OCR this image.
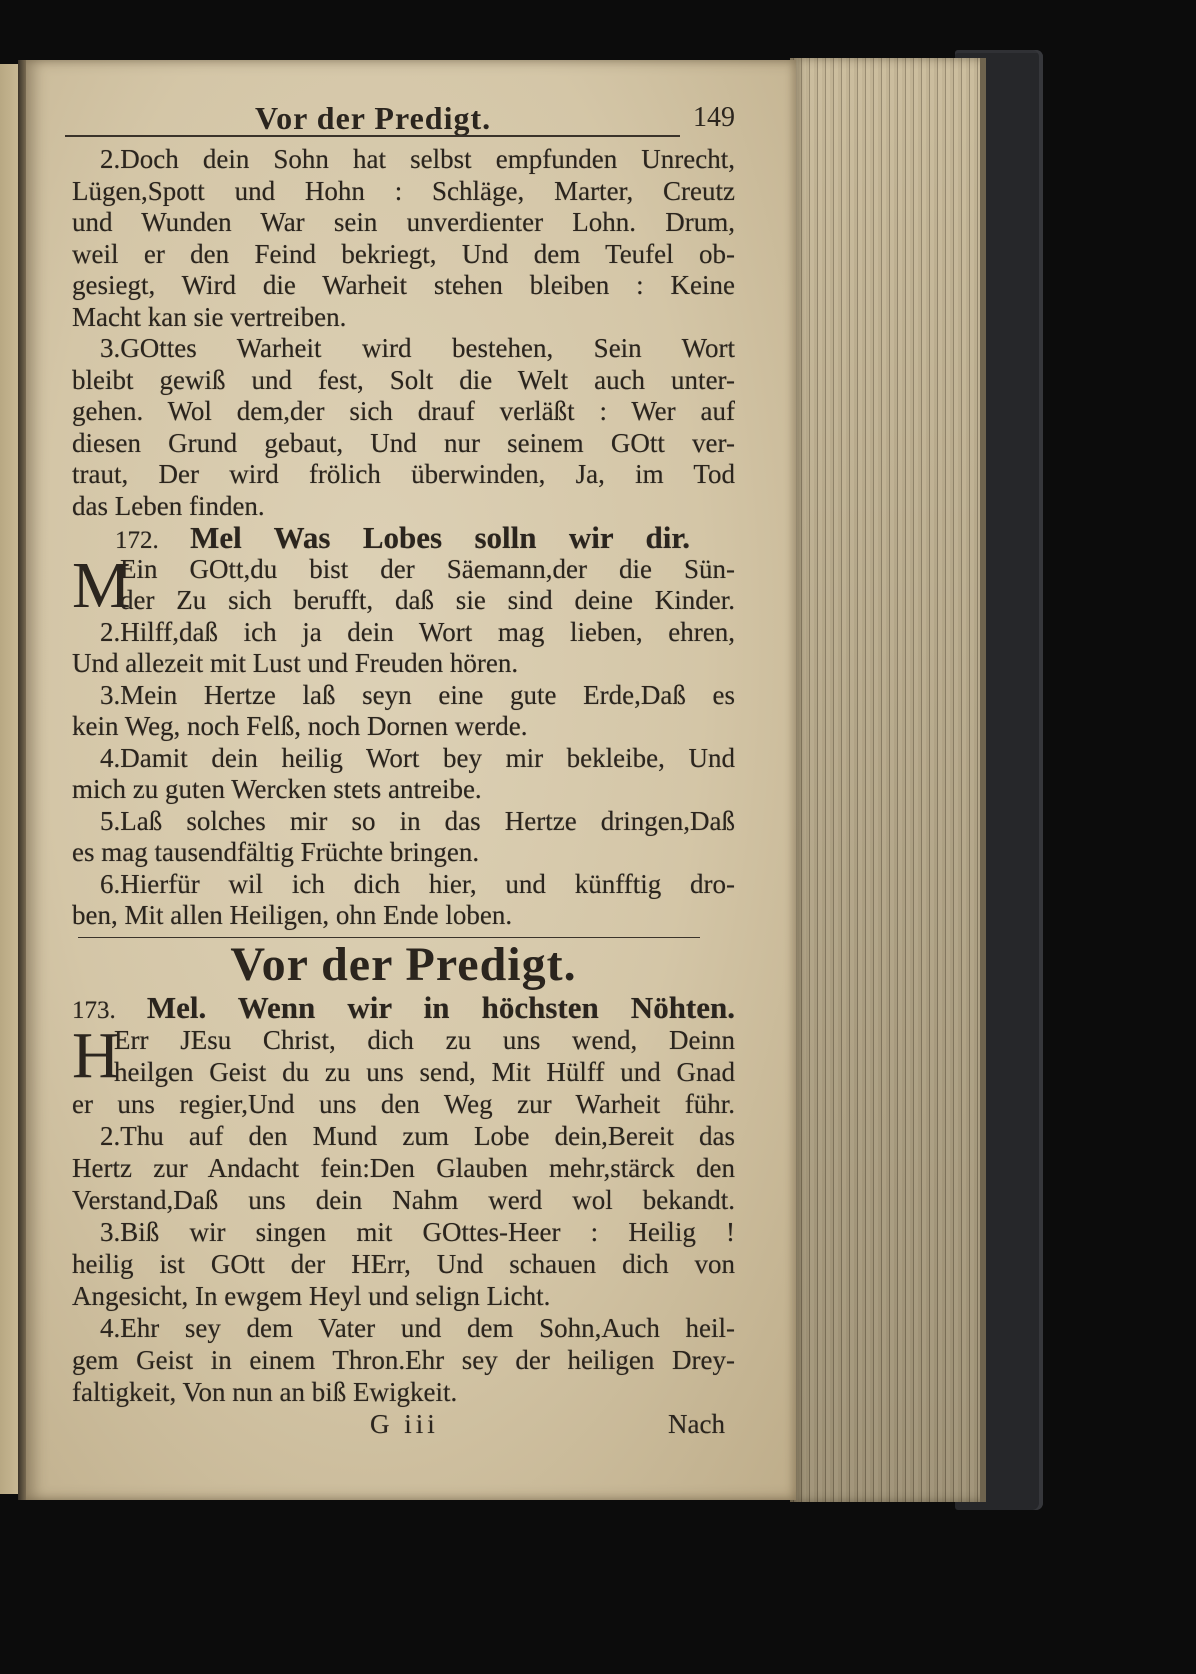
Vor der Predigt.	149
2.Doch dein Sohn hat selbst empfunden Unrecht,
Lügen,Spott und Hohn : Schläge, Marter, Creutz
und Wunden War sein unverdienter Lohn. Drum,
weil er den Feind bekriegt, Und dem Teufel ob-
gesiegt, Wird die Warheit stehen bleiben : Keine
Macht kan sie vertreiben.
3.GOttes Warheit wird bestehen, Sein Wort
bleibt gewiß und fest, Solt die Welt auch unter-
gehen. Wol dem,der sich drauf verläßt : Wer auf
diesen Grund gebaut, Und nur seinem GOtt ver-
traut, Der wird frölich überwinden, Ja, im Tod
das Leben finden.
172. Mel Was Lobes solln wir dir.
M
Ein GOtt,du bist der Säemann,der die Sün-
der Zu sich berufft, daß sie sind deine Kinder.
2.Hilff,daß ich ja dein Wort mag lieben, ehren,
Und allezeit mit Lust und Freuden hören.
3.Mein Hertze laß seyn eine gute Erde,Daß es
kein Weg, noch Felß, noch Dornen werde.
4.Damit dein heilig Wort bey mir bekleibe, Und
mich zu guten Wercken stets antreibe.
5.Laß solches mir so in das Hertze dringen,Daß
es mag tausendfältig Früchte bringen.
6.Hierfür wil ich dich hier, und künfftig dro-
ben, Mit allen Heiligen, ohn Ende loben.
Vor der Predigt.
173. Mel. Wenn wir in höchsten Nöhten.
H
Err JEsu Christ, dich zu uns wend, Deinn
heilgen Geist du zu uns send, Mit Hülff und Gnad
er uns regier,Und uns den Weg zur Warheit führ.
2.Thu auf den Mund zum Lobe dein,Bereit das
Hertz zur Andacht fein:Den Glauben mehr,stärck den
Verstand,Daß uns dein Nahm werd wol bekandt.
3.Biß wir singen mit GOttes-Heer : Heilig !
heilig ist GOtt der HErr, Und schauen dich von
Angesicht, In ewgem Heyl und selign Licht.
4.Ehr sey dem Vater und dem Sohn,Auch heil-
gem Geist in einem Thron.Ehr sey der heiligen Drey-
faltigkeit, Von nun an biß Ewigkeit.
G iii	Nach
